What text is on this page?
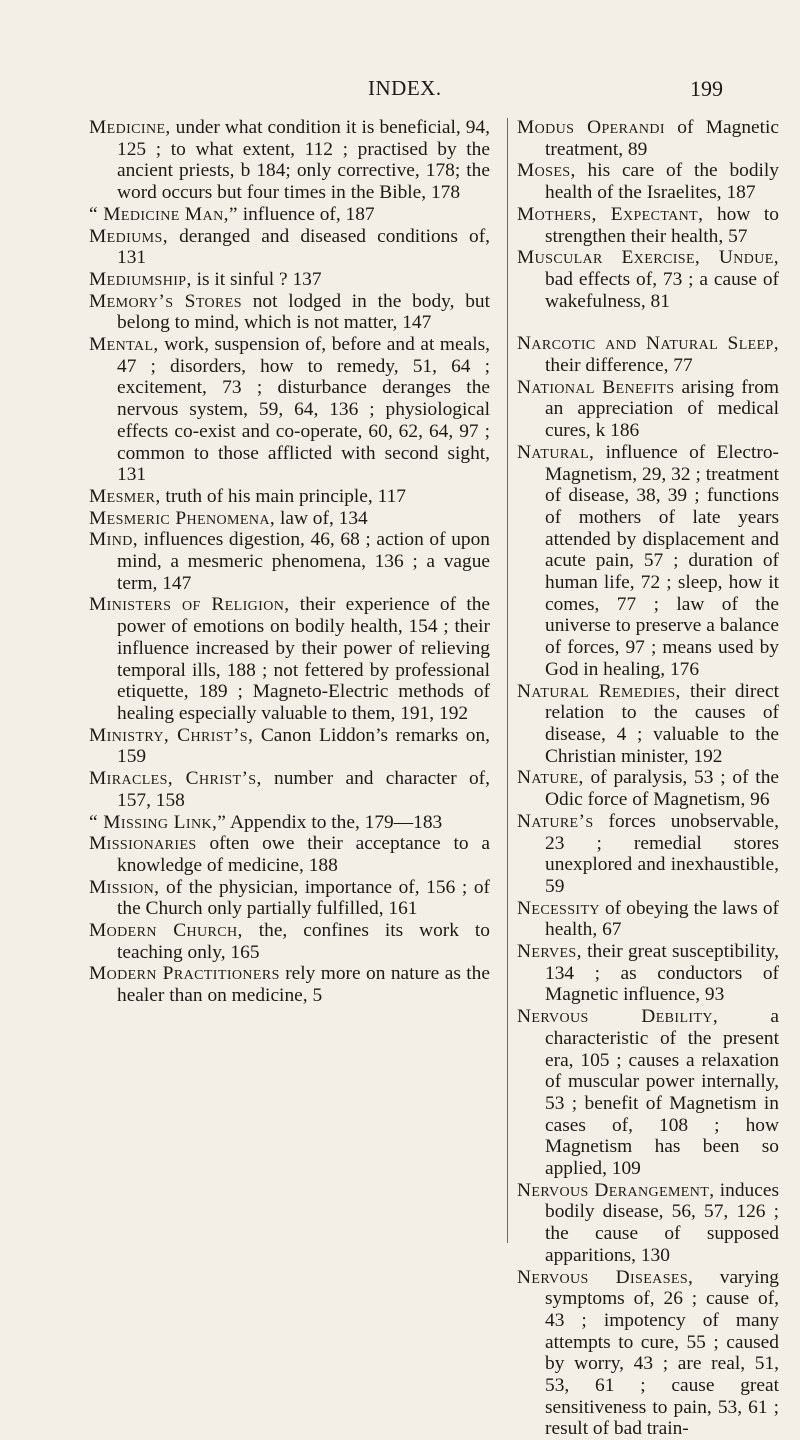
INDEX.	199

Medicine, under what condition it is beneficial, 94, 125 ; to what extent, 112 ; practised by the ancient priests, b 184; only corrective, 178; the word occurs but four times in the Bible, 178

“ Medicine Man,” influence of, 187

Mediums, deranged and diseased conditions of, 131

Mediumship, is it sinful ? 137

Memory’s Stores not lodged in the body, but belong to mind, which is not matter, 147

Mental, work, suspension of, before and at meals, 47 ; disorders, how to remedy, 51, 64 ; excitement, 73 ; disturbance deranges the nervous system, 59, 64, 136 ; physiological effects co-exist and co-operate, 60, 62, 64, 97 ; common to those afflicted with second sight, 131

Mesmer, truth of his main principle, 117

Mesmeric Phenomena, law of, 134

Mind, influences digestion, 46, 68 ; action of upon mind, a mesmeric phenomena, 136 ; a vague term, 147

Ministers of Religion, their experience of the power of emotions on bodily health, 154 ; their influence increased by their power of relieving temporal ills, 188 ; not fettered by professional etiquette, 189 ; Magneto-Electric methods of healing especially valuable to them, 191, 192

Ministry, Christ’s, Canon Liddon’s remarks on, 159

Miracles, Christ’s, number and character of, 157, 158

“ Missing Link,” Appendix to the, 179—183

Missionaries often owe their acceptance to a knowledge of medicine, 188

Mission, of the physician, importance of, 156 ; of the Church only partially fulfilled, 161

Modern Church, the, confines its work to teaching only, 165

Modern Practitioners rely more on nature as the healer than on medicine, 5

Modus Operandi of Magnetic treatment, 89

Moses, his care of the bodily health of the Israelites, 187

Mothers, Expectant, how to strengthen their health, 57

Muscular Exercise, Undue, bad effects of, 73 ; a cause of wakefulness, 81

Narcotic and Natural Sleep, their difference, 77

National Benefits arising from an appreciation of medical cures, k 186

Natural, influence of Electro-Magnetism, 29, 32 ; treatment of disease, 38, 39 ; functions of mothers of late years attended by displacement and acute pain, 57 ; duration of human life, 72 ; sleep, how it comes, 77 ; law of the universe to preserve a balance of forces, 97 ; means used by God in healing, 176

Natural Remedies, their direct relation to the causes of disease, 4 ; valuable to the Christian minister, 192

Nature, of paralysis, 53 ; of the Odic force of Magnetism, 96

Nature’s forces unobservable, 23 ; remedial stores unexplored and inexhaustible, 59

Necessity of obeying the laws of health, 67

Nerves, their great susceptibility, 134 ; as conductors of Magnetic influence, 93

Nervous Debility, a characteristic of the present era, 105 ; causes a relaxation of muscular power internally, 53 ; benefit of Magnetism in cases of, 108 ; how Magnetism has been so applied, 109

Nervous Derangement, induces bodily disease, 56, 57, 126 ; the cause of supposed apparitions, 130

Nervous Diseases, varying symptoms of, 26 ; cause of, 43 ; impotency of many attempts to cure, 55 ; caused by worry, 43 ; are real, 51, 53, 61 ; cause great sensitiveness to pain, 53, 61 ; result of bad train-
